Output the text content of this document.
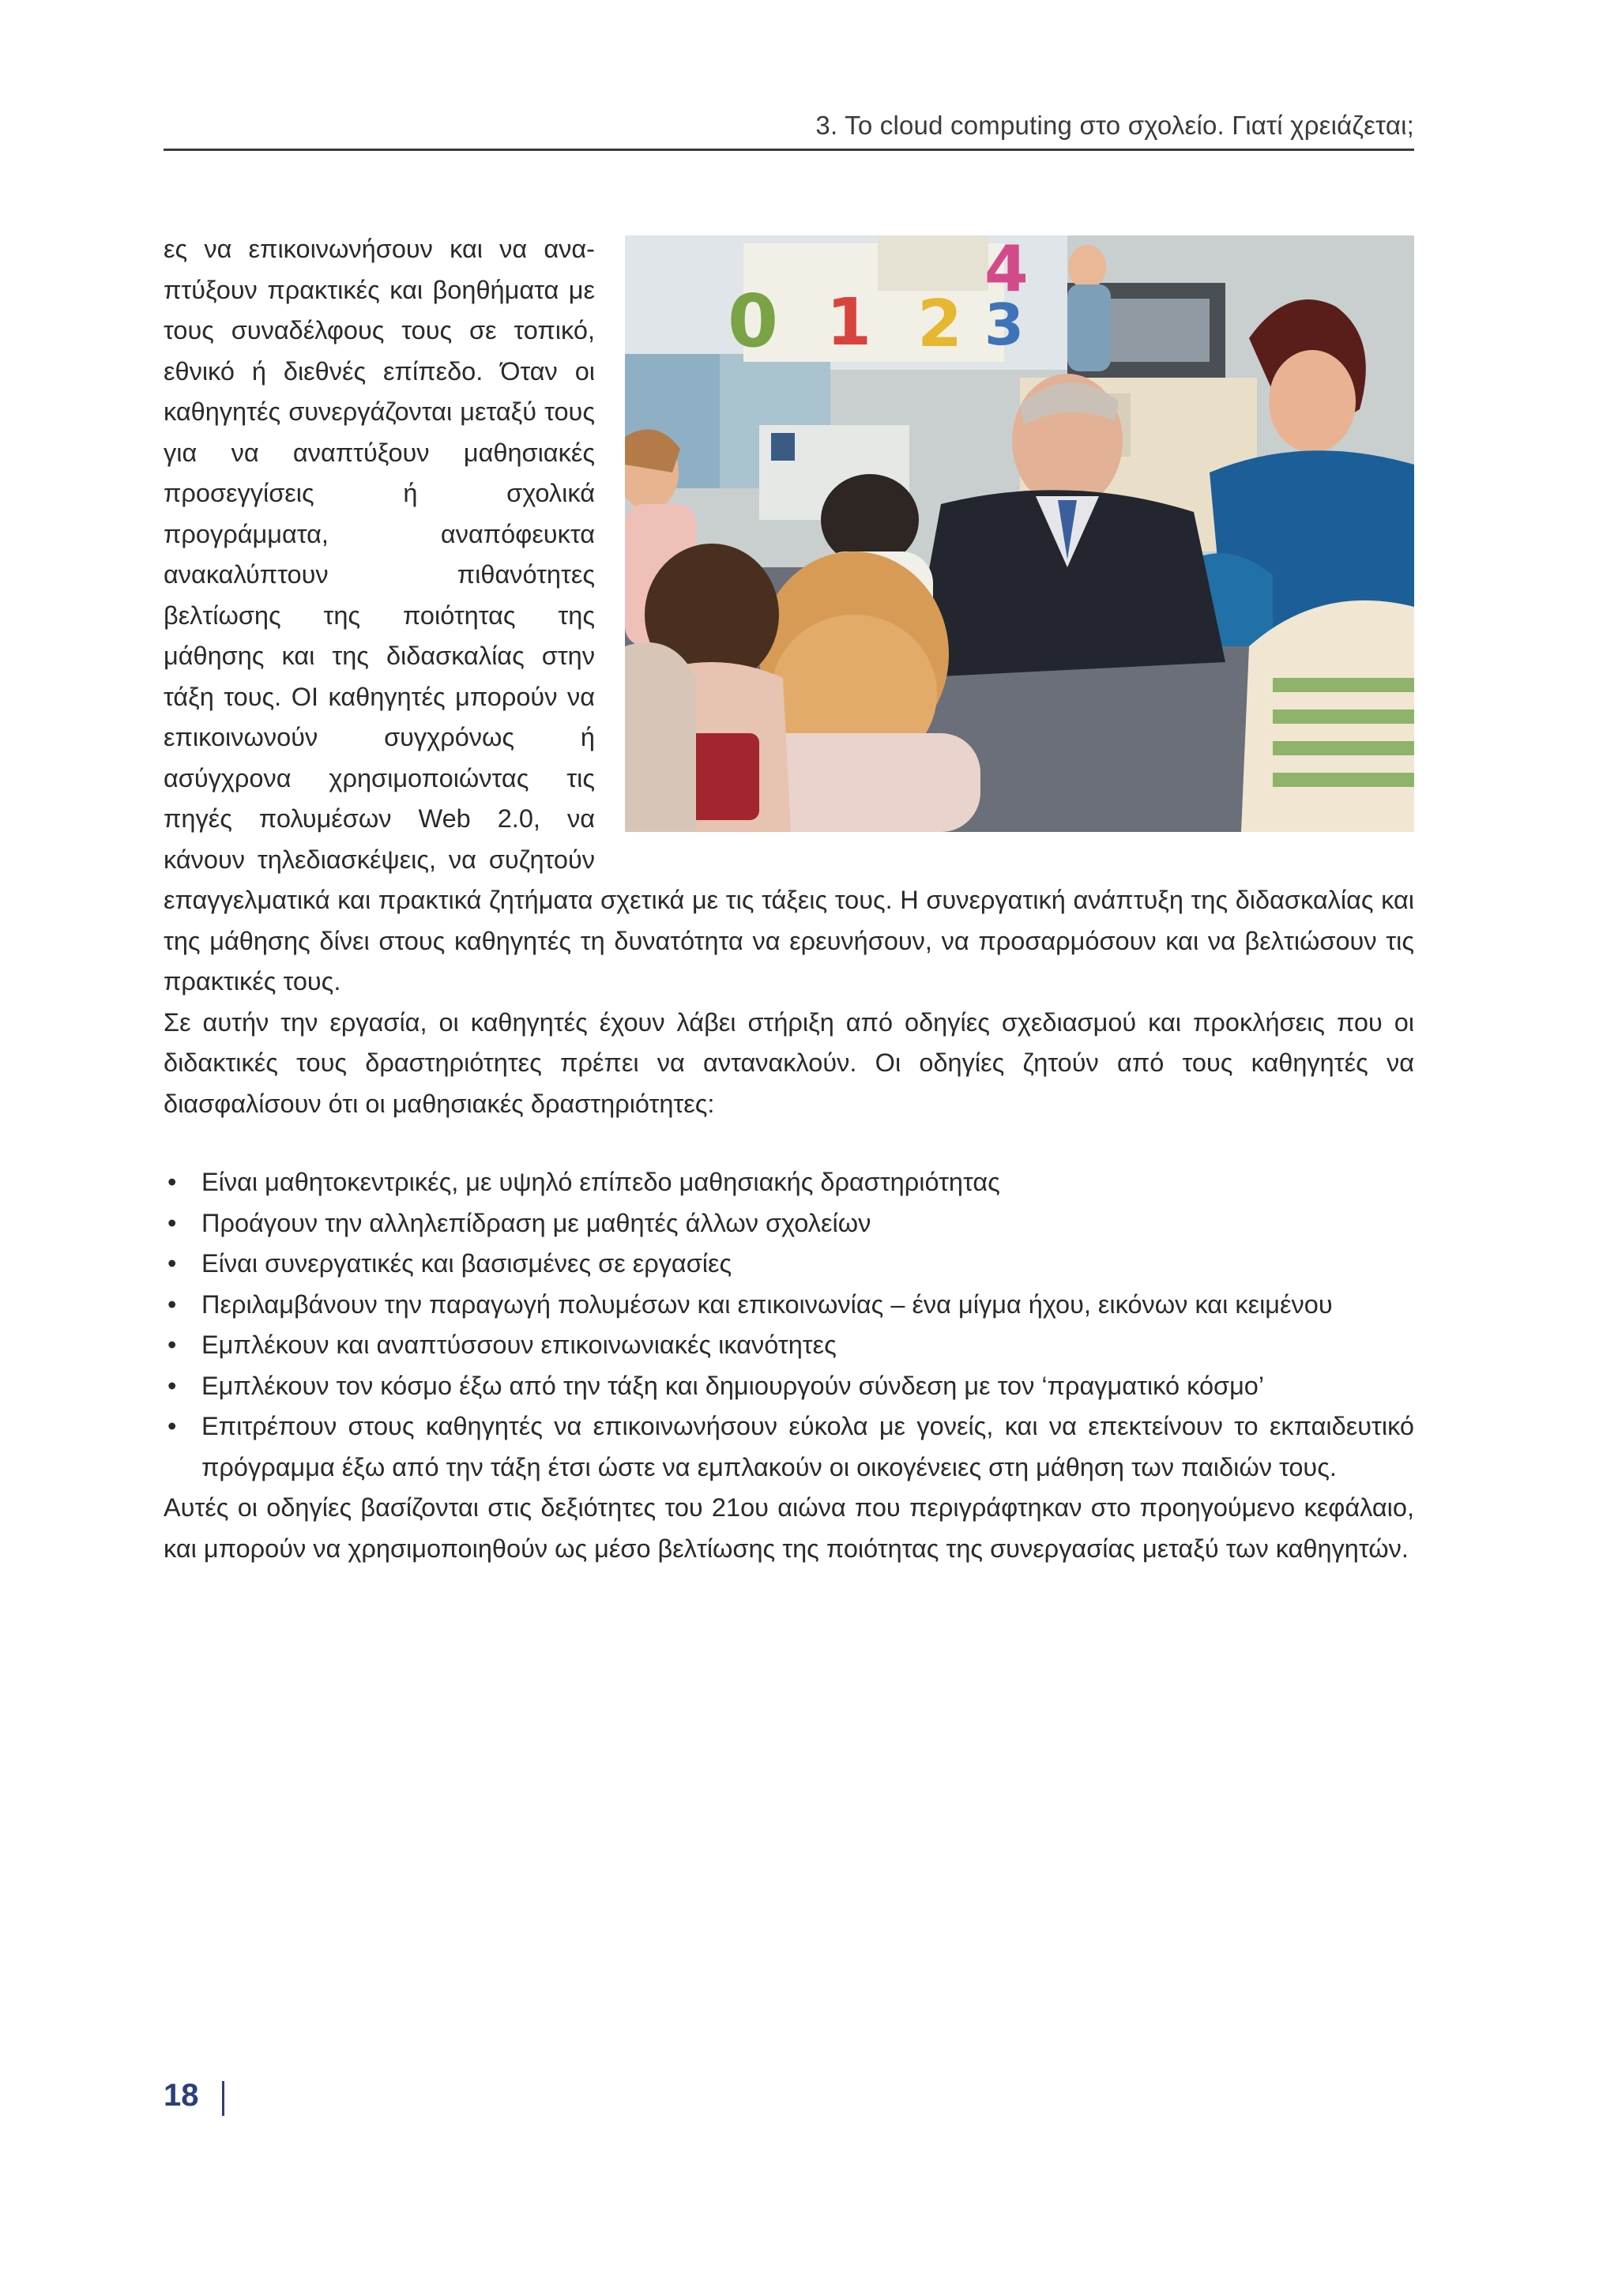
3. Το cloud computing στο σχολείο. Γιατί χρειάζεται;
0 1 2 3
4

ες να επικοινωνήσουν και να αναπτύξουν πρακτικές και βοηθήματα με τους συναδέλφους τους σε τοπικό, εθνικό ή διεθνές επίπεδο. Όταν οι καθηγητές συνεργάζονται μεταξύ τους για να αναπτύξουν μαθησιακές προσεγγίσεις ή σχολικά προγράμματα, αναπόφευκτα ανακαλύπτουν πιθανότητες βελτίωσης της ποιότητας της μάθησης και της διδασκαλίας στην τάξη τους. ΟΙ καθηγητές μπορούν να επικοινωνούν συγχρόνως ή ασύγχρονα χρησιμοποιώντας τις πηγές πολυμέσων Web 2.0, να κάνουν τηλεδιασκέψεις, να συζητούν επαγγελματικά και πρακτικά ζητήματα σχετικά με τις τάξεις τους. Η συνεργατική ανάπτυξη της διδασκαλίας και της μάθησης δίνει στους καθηγητές τη δυνατότητα να ερευνήσουν, να προσαρμόσουν και να βελτιώσουν τις πρακτικές τους.

Σε αυτήν την εργασία, οι καθηγητές έχουν λάβει στήριξη από οδηγίες σχεδιασμού και προκλήσεις που οι διδακτικές τους δραστηριότητες πρέπει να αντανακλούν. Οι οδηγίες ζητούν από τους καθηγητές να διασφαλίσουν ότι οι μαθησιακές δραστηριότητες:

• Είναι μαθητοκεντρικές, με υψηλό επίπεδο μαθησιακής δραστηριότητας
• Προάγουν την αλληλεπίδραση με μαθητές άλλων σχολείων
• Είναι συνεργατικές και βασισμένες σε εργασίες
• Περιλαμβάνουν την παραγωγή πολυμέσων και επικοινωνίας – ένα μίγμα ήχου, εικόνων και κειμένου
• Εμπλέκουν και αναπτύσσουν επικοινωνιακές ικανότητες
• Εμπλέκουν τον κόσμο έξω από την τάξη και δημιουργούν σύνδεση με τον ‘πραγματικό κόσμο’
• Επιτρέπουν στους καθηγητές να επικοινωνήσουν εύκολα με γονείς, και να επεκτείνουν το εκπαιδευτικό πρόγραμμα έξω από την τάξη έτσι ώστε να εμπλακούν οι οικογένειες στη μάθηση των παιδιών τους.

Αυτές οι οδηγίες βασίζονται στις δεξιότητες του 21ου αιώνα που περιγράφτηκαν στο προηγούμενο κεφάλαιο, και μπορούν να χρησιμοποιηθούν ως μέσο βελτίωσης της ποιότητας της συνεργασίας μεταξύ των καθηγητών.

18
